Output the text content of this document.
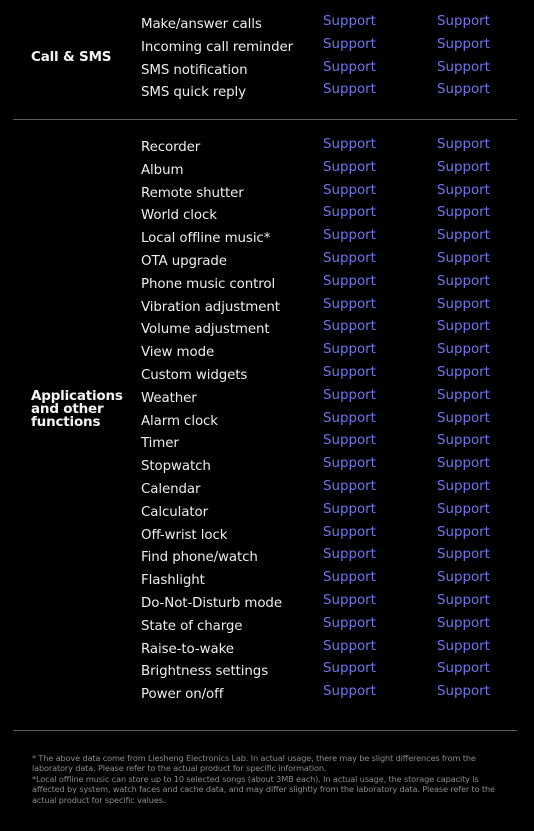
Call & SMS
Make/answer calls	Support	Support
Incoming call reminder Support	Support
SMS notification	Support	Support
SMS quick reply	Support	Support
Applications and other functions
Recorder	Support	Support
Album	Support	Support
Remote shutter	Support	Support
World clock	Support	Support
Local offline music*	Support	Support
OTA upgrade	Support	Support
Phone music control	Support	Support
Vibration adjustment	Support	Support
Volume adjustment	Support	Support
View mode	Support	Support
Custom widgets	Support	Support
Weather	Support	Support
Alarm clock	Support	Support
Timer	Support	Support
Stopwatch	Support	Support
Calendar	Support	Support
Calculator	Support	Support
Off-wrist lock	Support	Support
Find phone/watch	Support	Support
Flashlight	Support	Support
Do-Not-Disturb mode	Support	Support
State of charge	Support	Support
Raise-to-wake	Support	Support
Brightness settings	Support	Support
Power on/off	Support	Support

* The above data come from Liesheng Electronics Lab. In actual usage, there may be slight differences from the laboratory data. Please refer to the actual product for specific information.

*Local offline music can store up to 10 selected songs (about 3MB each). In actual usage, the storage capacity is affected by system, watch faces and cache data, and may differ slightly from the laboratory data. Please refer to the actual product for specific values.
